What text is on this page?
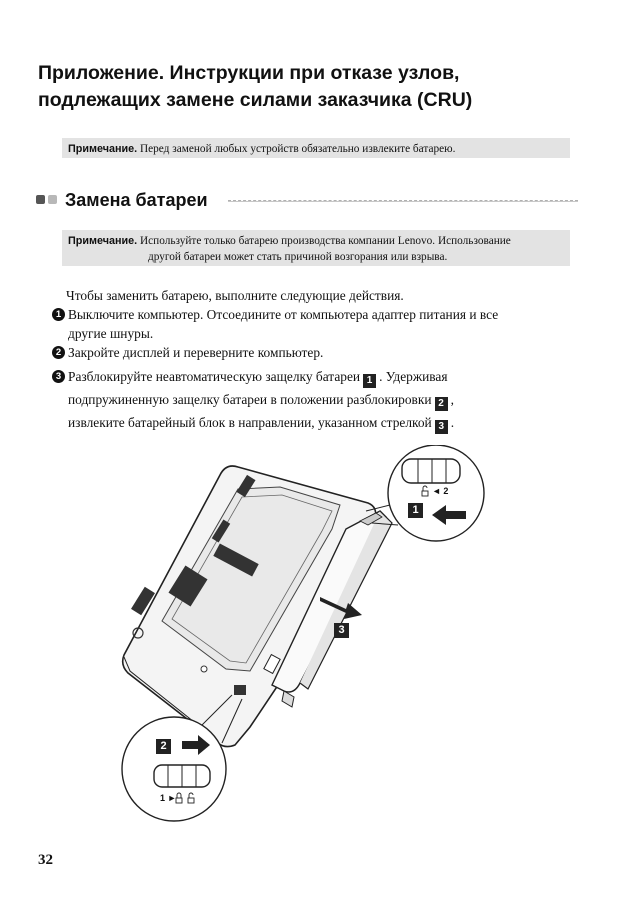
Приложение. Инструкции при отказе узлов,
подлежащих замене силами заказчика (CRU)
Примечание. Перед заменой любых устройств обязательно извлеките батарею.
Замена батареи
Примечание. Используйте только батарею производства компании Lenovo. Использование
другой батареи может стать причиной возгорания или взрыва.
Чтобы заменить батарею, выполните следующие действия.
1 Выключите компьютер. Отсоедините от компьютера адаптер питания и все
другие шнуры.
2 Закройте дисплей и переверните компьютер.
3 Разблокируйте неавтоматическую защелку батареи 1 . Удерживая
подпружиненную защелку батареи в положении разблокировки 2 ,
извлеките батарейный блок в направлении, указанном стрелкой 3 .
◄ 2
1 ►
1
3
2
32
